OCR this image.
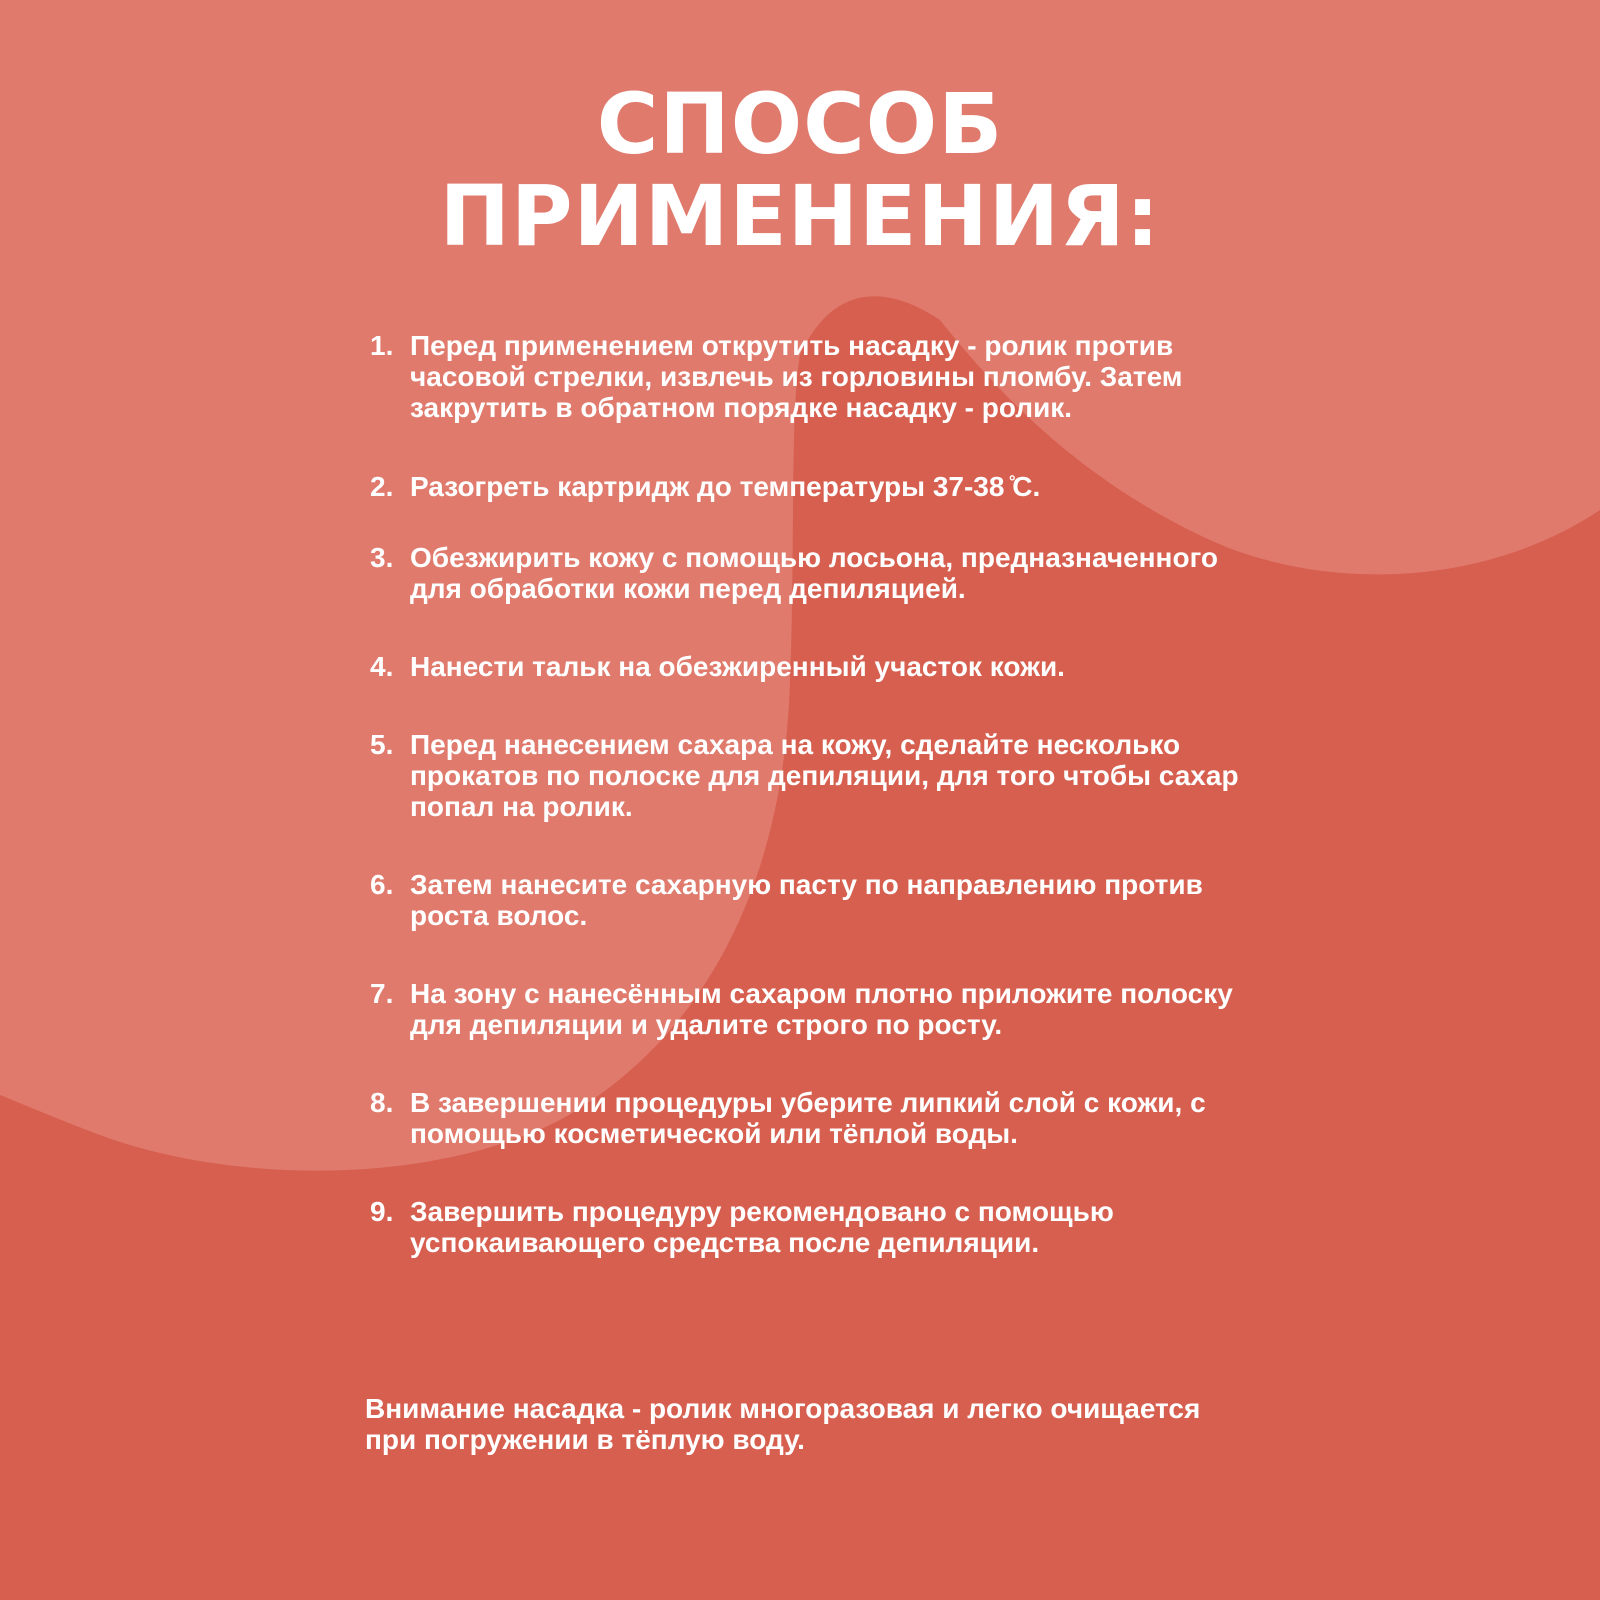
СПОСОБ
ПРИМЕНЕНИЯ:
1. Перед применением открутить насадку - ролик против часовой стрелки, извлечь из горловины пломбу. Затем закрутить в обратном порядке насадку - ролик.
2. Разогреть картридж до температуры 37-38 ̊С.
3. Обезжирить кожу с помощью лосьона, предназначенного для обработки кожи перед депиляцией.
4. Нанести тальк на обезжиренный участок кожи.
5. Перед нанесением сахара на кожу, сделайте несколько прокатов по полоске для депиляции, для того чтобы сахар попал на ролик.
6. Затем нанесите сахарную пасту по направлению против роста волос.
7. На зону с нанесённым сахаром плотно приложите полоску для депиляции и удалите строго по росту.
8. В завершении процедуры уберите липкий слой с кожи, с помощью косметической или тёплой воды.
9. Завершить процедуру рекомендовано с помощью успокаивающего средства после депиляции.

Внимание насадка - ролик многоразовая и легко очищается при погружении в тёплую воду.
